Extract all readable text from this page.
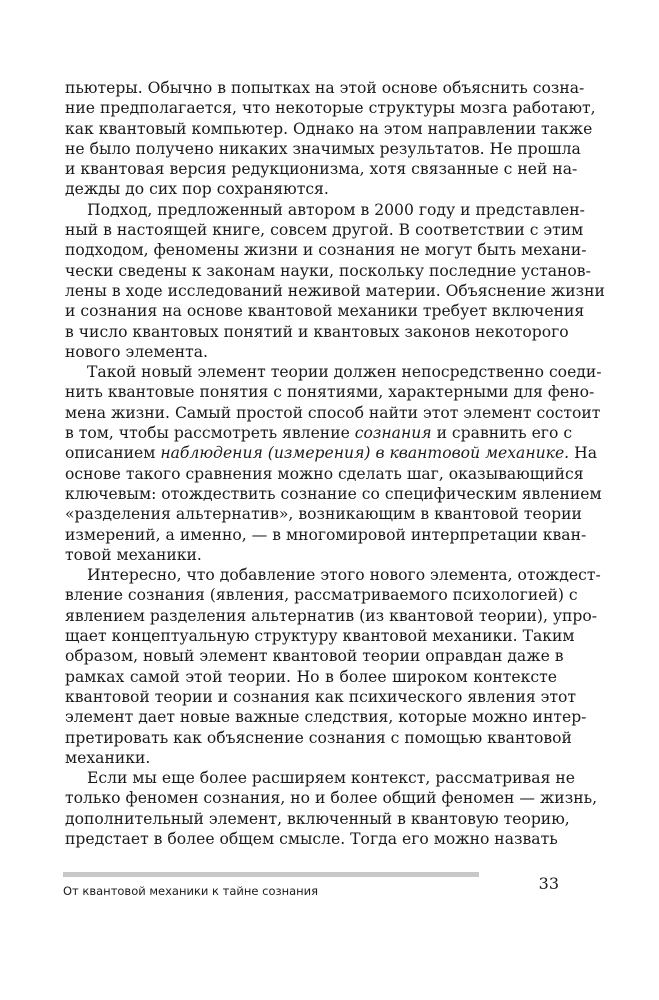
пьютеры. Обычно в попытках на этой основе объяснить созна-
ние предполагается, что некоторые структуры мозга работают,
как квантовый компьютер. Однако на этом направлении также
не было получено никаких значимых результатов. Не прошла
и квантовая версия редукционизма, хотя связанные с ней на-
дежды до сих пор сохраняются.
Подход, предложенный автором в 2000 году и представлен-
ный в настоящей книге, совсем другой. В соответствии с этим
подходом, феномены жизни и сознания не могут быть механи-
чески сведены к законам науки, поскольку последние установ-
лены в ходе исследований неживой материи. Объяснение жизни
и сознания на основе квантовой механики требует включения
в число квантовых понятий и квантовых законов некоторого
нового элемента.
Такой новый элемент теории должен непосредственно соеди-
нить квантовые понятия с понятиями, характерными для фено-
мена жизни. Самый простой способ найти этот элемент состоит
в том, чтобы рассмотреть явление сознания и сравнить его с
описанием наблюдения (измерения) в квантовой механике. На
основе такого сравнения можно сделать шаг, оказывающийся
ключевым: отождествить сознание со специфическим явлением
«разделения альтернатив», возникающим в квантовой теории
измерений, а именно, — в многомировой интерпретации кван-
товой механики.
Интересно, что добавление этого нового элемента, отождест-
вление сознания (явления, рассматриваемого психологией) с
явлением разделения альтернатив (из квантовой теории), упро-
щает концептуальную структуру квантовой механики. Таким
образом, новый элемент квантовой теории оправдан даже в
рамках самой этой теории. Но в более широком контексте
квантовой теории и сознания как психического явления этот
элемент дает новые важные следствия, которые можно интер-
претировать как объяснение сознания с помощью квантовой
механики.
Если мы еще более расширяем контекст, рассматривая не
только феномен сознания, но и более общий феномен — жизнь,
дополнительный элемент, включенный в квантовую теорию,
предстает в более общем смысле. Тогда его можно назвать
От квантовой механики к тайне сознания	33
